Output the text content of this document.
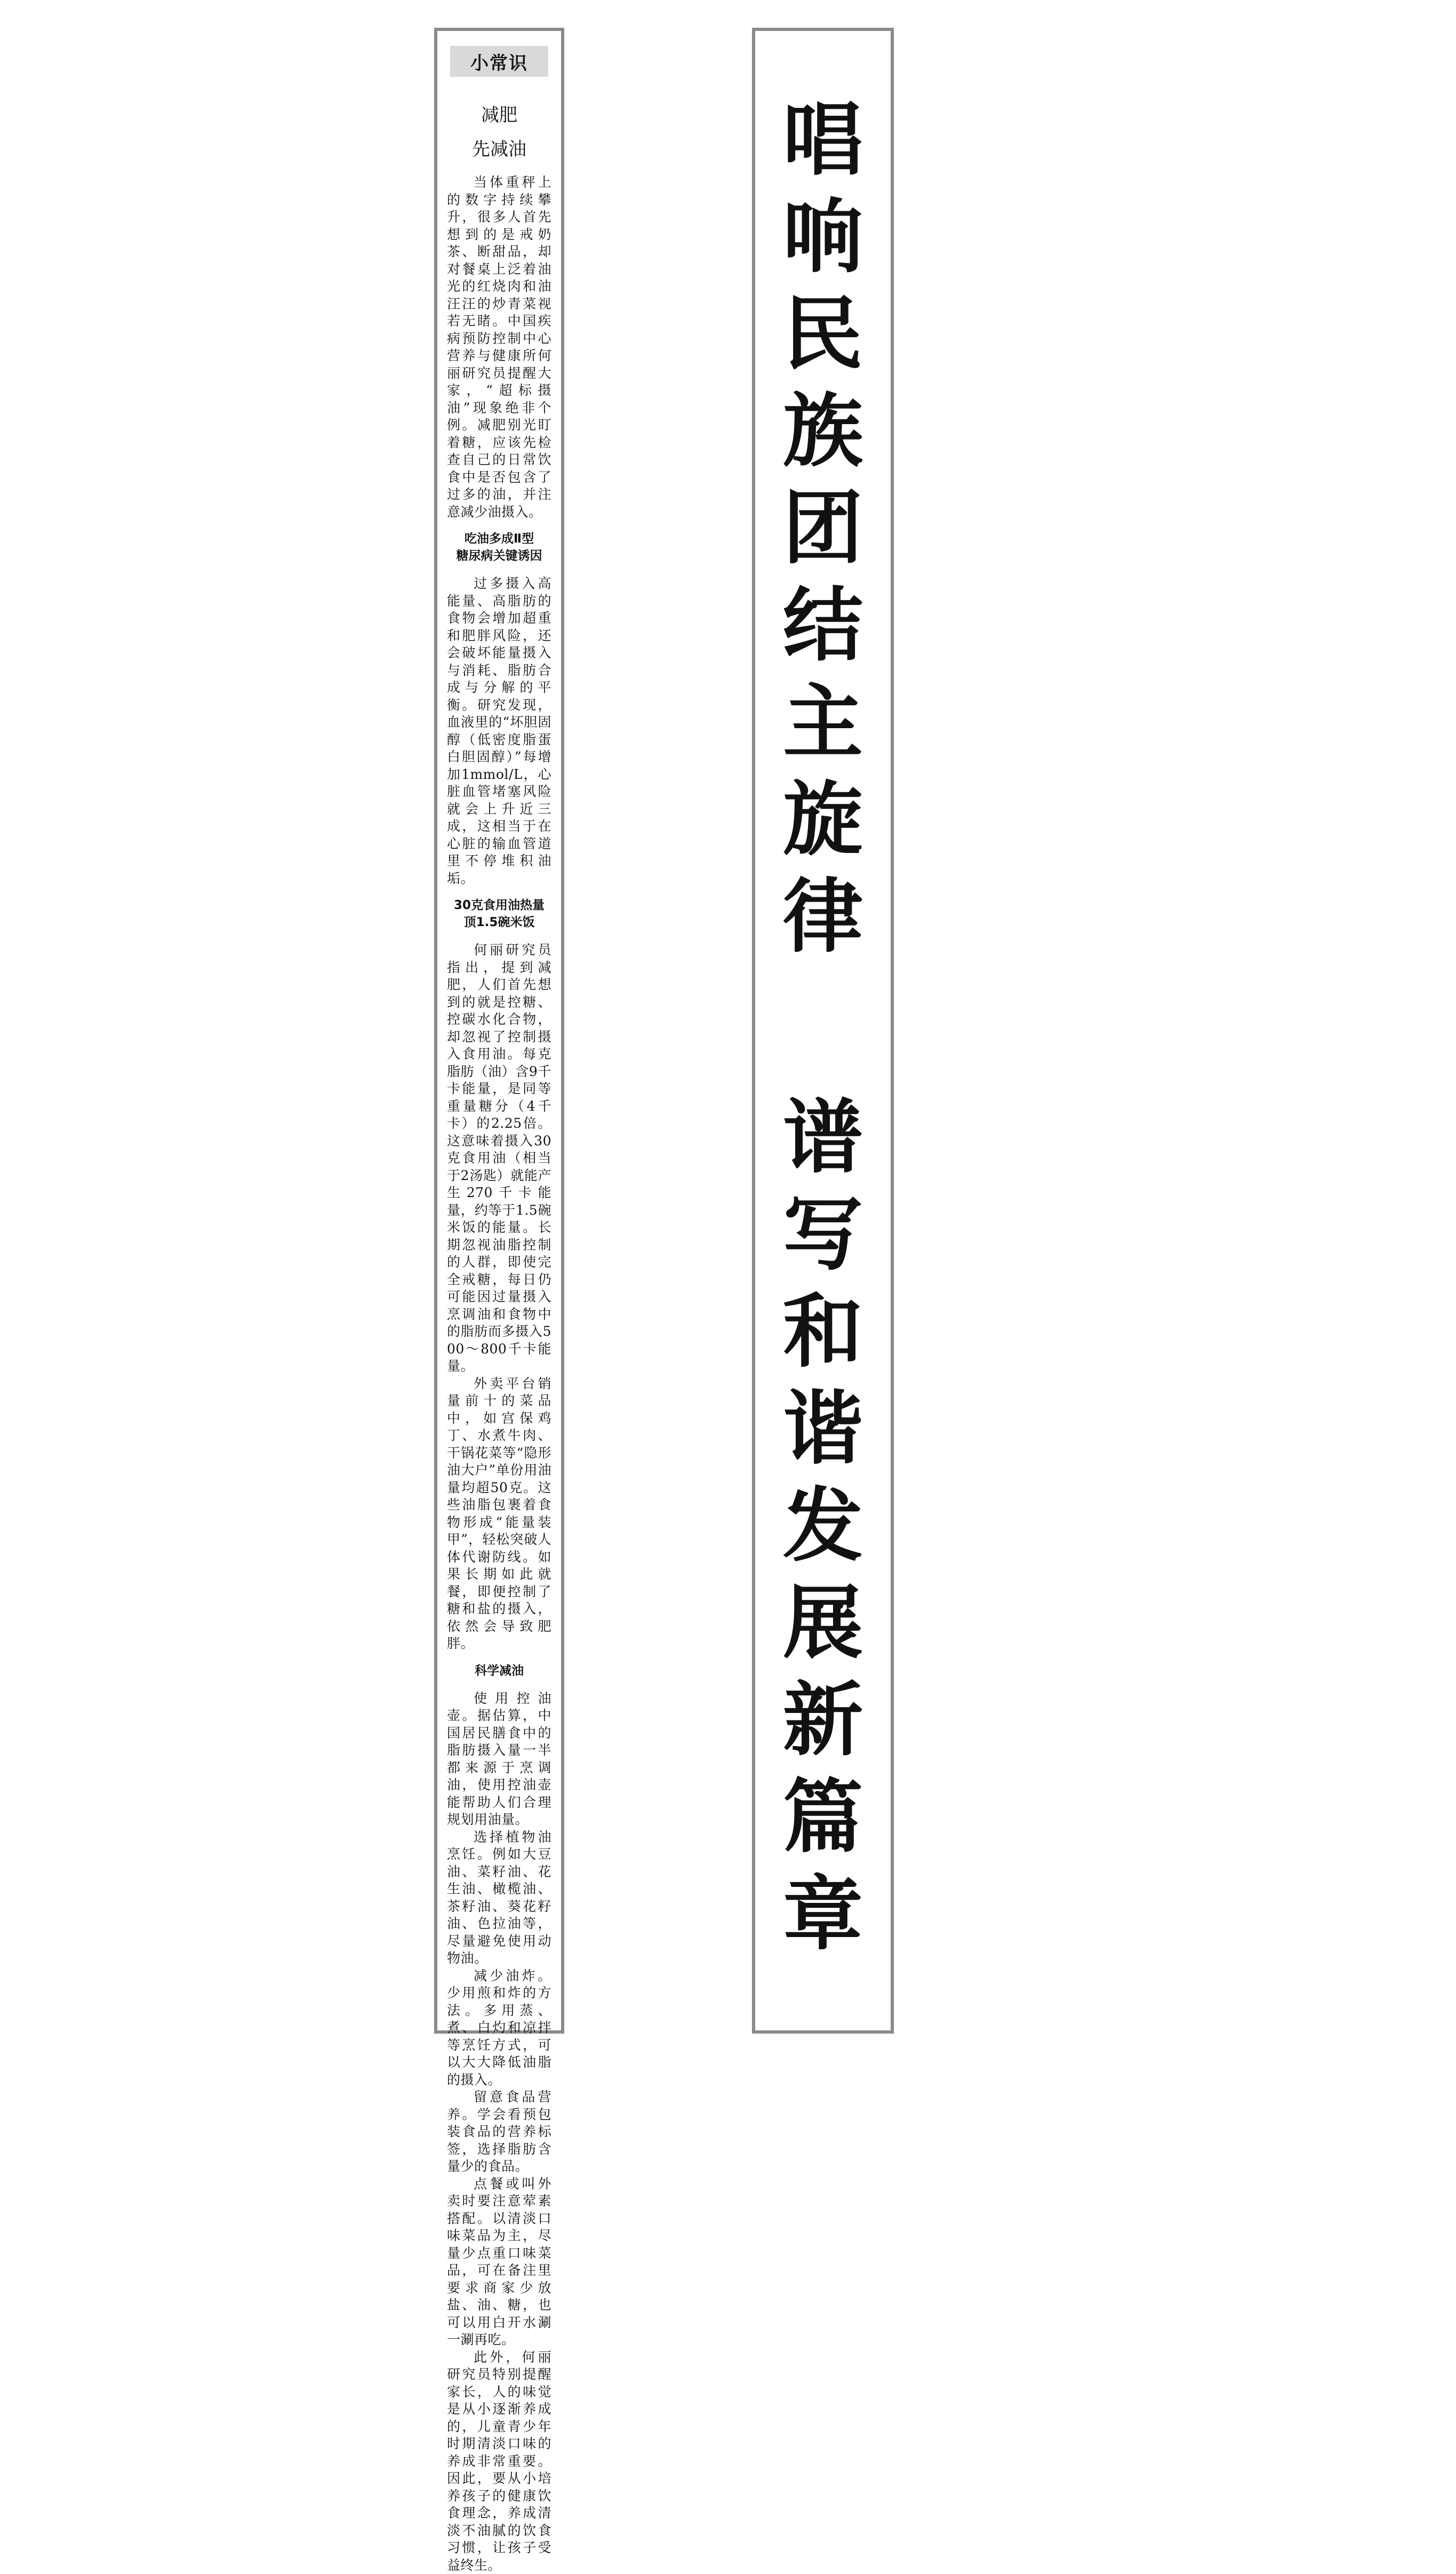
小常识
减肥
先减油

当体重秤上的数字持续攀升，很多人首先想到的是戒奶茶、断甜品，却对餐桌上泛着油光的红烧肉和油汪汪的炒青菜视若无睹。中国疾病预防控制中心营养与健康所何丽研究员提醒大家，“超标摄油”现象绝非个例。减肥别光盯着糖，应该先检查自己的日常饮食中是否包含了过多的油，并注意减少油摄入。

吃油多成Ⅱ型
糖尿病关键诱因

过多摄入高能量、高脂肪的食物会增加超重和肥胖风险，还会破坏能量摄入与消耗、脂肪合成与分解的平衡。研究发现，血液里的“坏胆固醇（低密度脂蛋白胆固醇）”每增加1mmol/L，心脏血管堵塞风险就会上升近三成，这相当于在心脏的输血管道里不停堆积油垢。

30克食用油热量
顶1.5碗米饭

何丽研究员指出，提到减肥，人们首先想到的就是控糖、控碳水化合物，却忽视了控制摄入食用油。每克脂肪（油）含9千卡能量，是同等重量糖分（4千卡）的2.25倍。这意味着摄入30克食用油（相当于2汤匙）就能产生270千卡能量，约等于1.5碗米饭的能量。长期忽视油脂控制的人群，即使完全戒糖，每日仍可能因过量摄入烹调油和食物中的脂肪而多摄入500～800千卡能量。

外卖平台销量前十的菜品中，如宫保鸡丁、水煮牛肉、干锅花菜等“隐形油大户”单份用油量均超50克。这些油脂包裹着食物形成“能量装甲”，轻松突破人体代谢防线。如果长期如此就餐，即便控制了糖和盐的摄入，依然会导致肥胖。

科学减油

使用控油壶。据估算，中国居民膳食中的脂肪摄入量一半都来源于烹调油，使用控油壶能帮助人们合理规划用油量。

选择植物油烹饪。例如大豆油、菜籽油、花生油、橄榄油、茶籽油、葵花籽油、色拉油等，尽量避免使用动物油。

减少油炸。少用煎和炸的方法。多用蒸、煮、白灼和凉拌等烹饪方式，可以大大降低油脂的摄入。

留意食品营养。学会看预包装食品的营养标签，选择脂肪含量少的食品。

点餐或叫外卖时要注意荤素搭配。以清淡口味菜品为主，尽量少点重口味菜品，可在备注里要求商家少放盐、油、糖，也可以用白开水涮一涮再吃。

此外，何丽研究员特别提醒家长，人的味觉是从小逐渐养成的，儿童青少年时期清淡口味的养成非常重要。因此，要从小培养孩子的健康饮食理念，养成清淡不油腻的饮食习惯，让孩子受益终生。

唱
响
民
族
团
结
主
旋
律
谱
写
和
谐
发
展
新
篇
章
